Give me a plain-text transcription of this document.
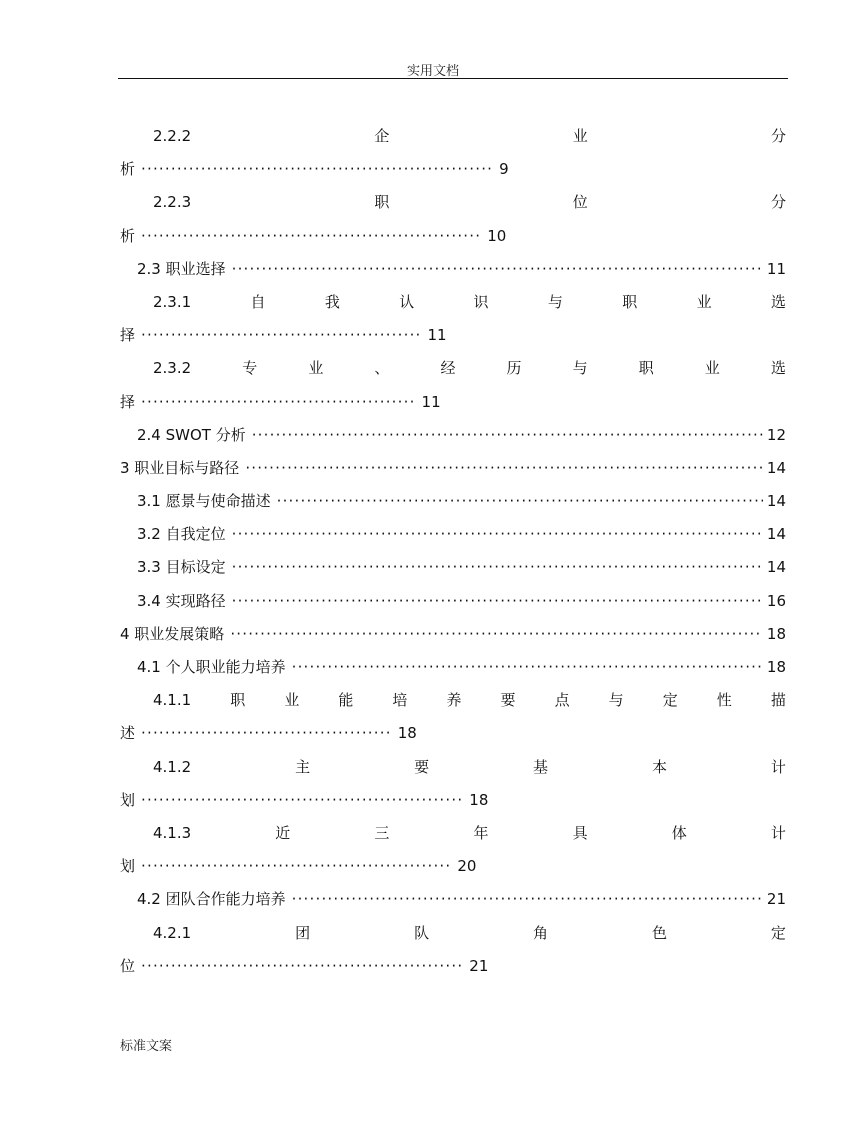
实用文档
2.2.2	企	业	分
析 ··························································· 9
2.2.3	职	位	分
析 ························································· 10
2.3 职业选择 ·····	11
2.3.1	自	我	认	识	与	职	业	选
择 ··············································· 11
2.3.2	专	业	、	经	历	与	职	业	选
择 ·············································· 11
2.4 SWOT 分析 ·····	12
3 职业目标与路径 ·····	14
3.1 愿景与使命描述 ·····	14
3.2 自我定位 ·····	14
3.3 目标设定 ·····	14
3.4 实现路径 ·····	16
4 职业发展策略 ·····	18
4.1 个人职业能力培养 ·····	18
4.1.1	职	业	能	培	养	要	点	与	定	性	描
述 ·········································· 18
4.1.2	主	要	基	本	计
划 ······················································ 18
4.1.3	近	三	年	具	体	计
划 ···················································· 20
4.2 团队合作能力培养 ·····	21
4.2.1	团	队	角	色	定
位 ······················································ 21
标准文案
